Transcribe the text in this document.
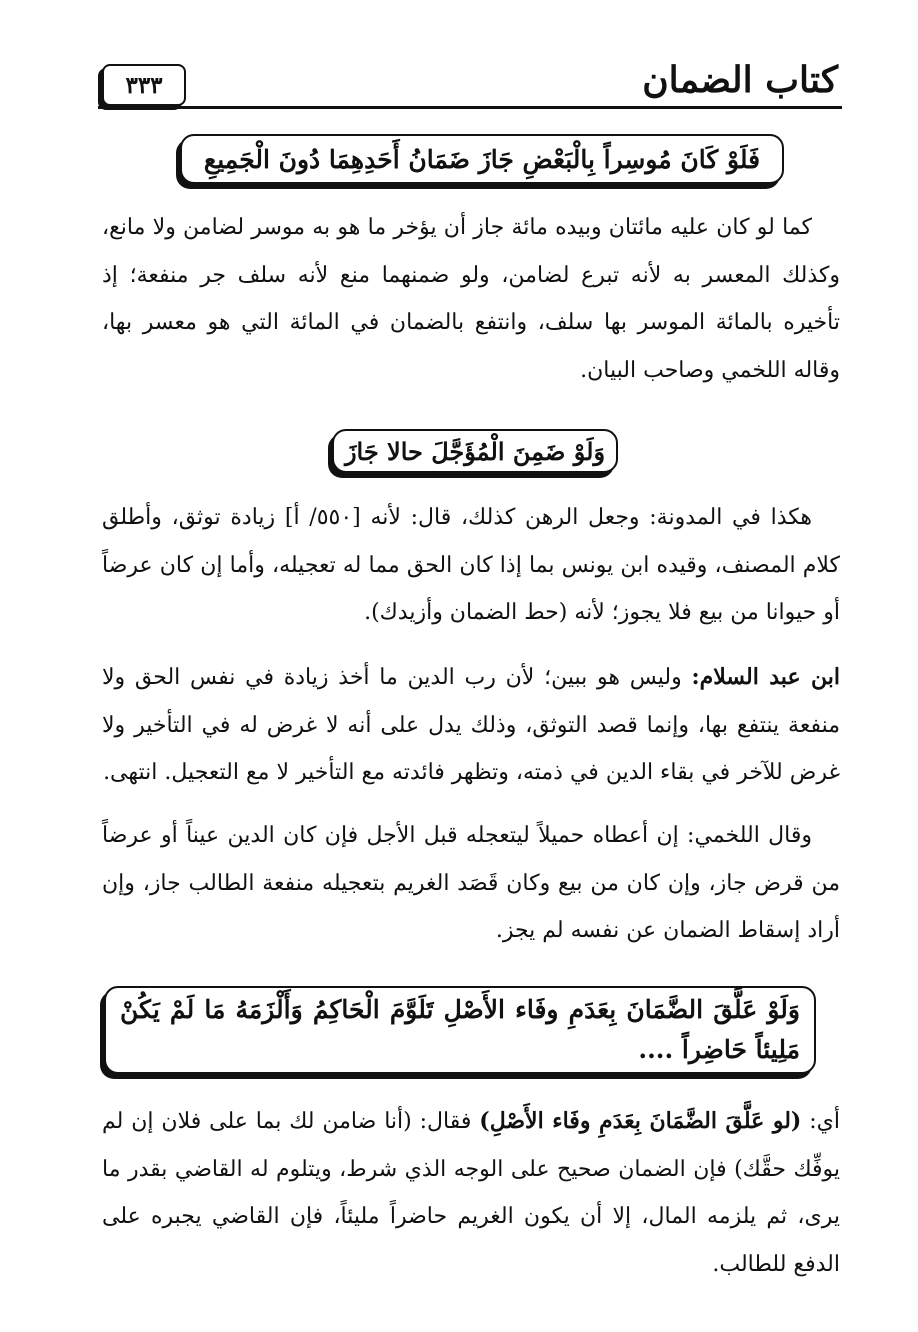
كتاب الضمان
٣٣٣
فَلَوْ كَانَ مُوسِراً بِالْبَعْضِ جَازَ ضَمَانُ أَحَدِهِمَا دُونَ الْجَمِيعِ
كما لو كان عليه مائتان وبيده مائة جاز أن يؤخر ما هو به موسر لضامن ولا مانع، وكذلك المعسر به لأنه تبرع لضامن، ولو ضمنهما منع لأنه سلف جر منفعة؛ إذ تأخيره بالمائة الموسر بها سلف، وانتفع بالضمان في المائة التي هو معسر بها، وقاله اللخمي وصاحب البيان.
وَلَوْ ضَمِنَ الْمُؤَجَّلَ حالا جَازَ
هكذا في المدونة: وجعل الرهن كذلك، قال: لأنه [٥٥٠/ أ] زيادة توثق، وأطلق كلام المصنف، وقيده ابن يونس بما إذا كان الحق مما له تعجيله، وأما إن كان عرضاً أو حيوانا من بيع فلا يجوز؛ لأنه (حط الضمان وأزيدك).
ابن عبد السلام: وليس هو ببين؛ لأن رب الدين ما أخذ زيادة في نفس الحق ولا منفعة ينتفع بها، وإنما قصد التوثق، وذلك يدل على أنه لا غرض له في التأخير ولا غرض للآخر في بقاء الدين في ذمته، وتظهر فائدته مع التأخير لا مع التعجيل. انتهى.
وقال اللخمي: إن أعطاه حميلاً ليتعجله قبل الأجل فإن كان الدين عيناً أو عرضاً من قرض جاز، وإن كان من بيع وكان قَصَد الغريم بتعجيله منفعة الطالب جاز، وإن أراد إسقاط الضمان عن نفسه لم يجز.
وَلَوْ عَلَّقَ الضَّمَانَ بِعَدَمِ وفَاء الأَصْلِ تَلَوَّمَ الْحَاكِمُ وَأَلْزَمَهُ مَا لَمْ يَكُنْ مَلِيئاً حَاضِراً ....
أي: (لو عَلَّقَ الضَّمَانَ بِعَدَمِ وفَاء الأَصْلِ) فقال: (أنا ضامن لك بما على فلان إن لم يوفِّك حقَّك) فإن الضمان صحيح على الوجه الذي شرط، ويتلوم له القاضي بقدر ما يرى، ثم يلزمه المال، إلا أن يكون الغريم حاضراً مليئاً، فإن القاضي يجبره على الدفع للطالب.
